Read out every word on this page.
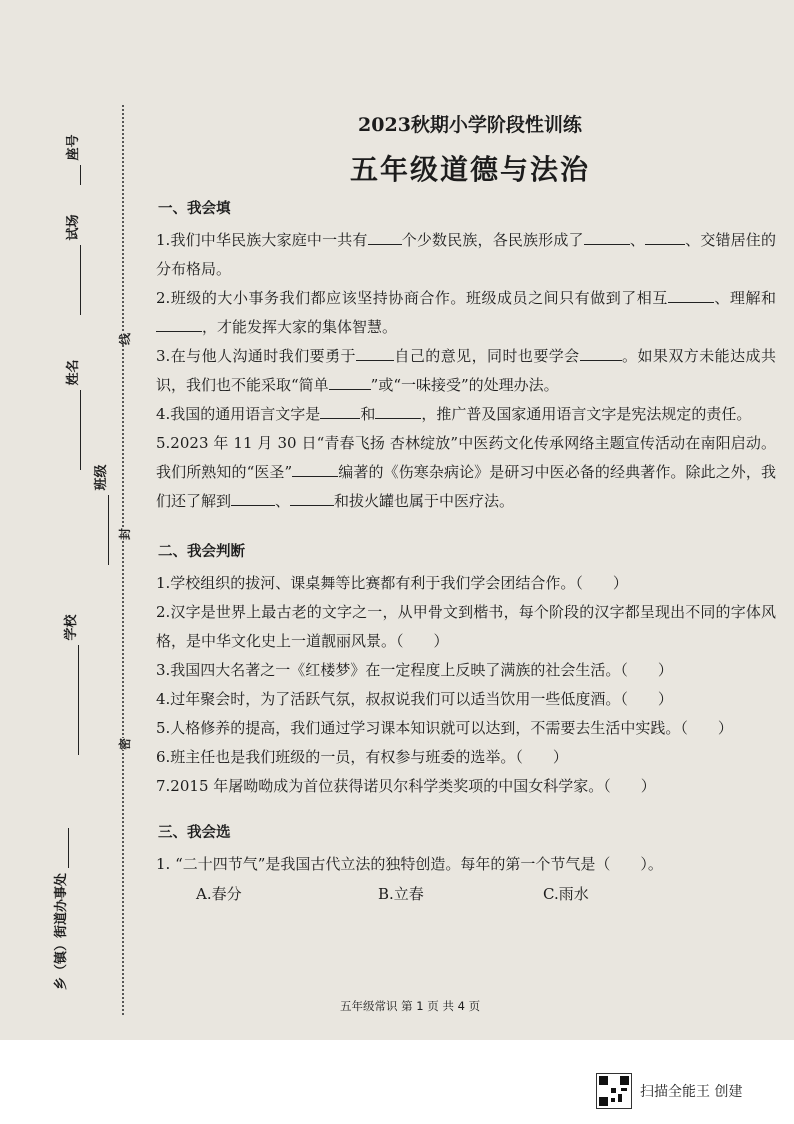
乡（镇）街道办事处
学校
班级
姓名
试场
座号
线
封
密
2023秋期小学阶段性训练
五年级道德与法治
一、我会填

1.我们中华民族大家庭中一共有 个少数民族，各民族形成了	、	、交错居住的分布格局。

2.班级的大小事务我们都应该坚持协商合作。班级成员之间只有做到了相互	、理解和，才能发挥大家的集体智慧。

3.在与他人沟通时我们要勇于	自己的意见，同时也要学会	。如果双方未能达成共识，我们也不能采取“简单	”或“一味接受”的处理办法。

4.我国的通用语言文字是	和	，推广普及国家通用语言文字是宪法规定的责任。

5.2023 年 11 月 30 日“青春飞扬 杏林绽放”中医药文化传承网络主题宣传活动在南阳启动。我们所熟知的“医圣”	编著的《伤寒杂病论》是研习中医必备的经典著作。除此之外，我们还了解到	、	和拔火罐也属于中医疗法。

二、我会判断

1.学校组织的拔河、课桌舞等比赛都有利于我们学会团结合作。（　　）

2.汉字是世界上最古老的文字之一，从甲骨文到楷书，每个阶段的汉字都呈现出不同的字体风格，是中华文化史上一道靓丽风景。（　　）

3.我国四大名著之一《红楼梦》在一定程度上反映了满族的社会生活。（　　）

4.过年聚会时，为了活跃气氛，叔叔说我们可以适当饮用一些低度酒。（　　）

5.人格修养的提高，我们通过学习课本知识就可以达到，不需要去生活中实践。（　　）

6.班主任也是我们班级的一员，有权参与班委的选举。（　　）

7.2015 年屠呦呦成为首位获得诺贝尔科学类奖项的中国女科学家。（　　）

三、我会选

1. “二十四节气”是我国古代立法的独特创造。每年的第一个节气是（　　）。

A.春分	B.立春	C.雨水
五年级常识 第 1 页 共 4 页
扫描全能王 创建
